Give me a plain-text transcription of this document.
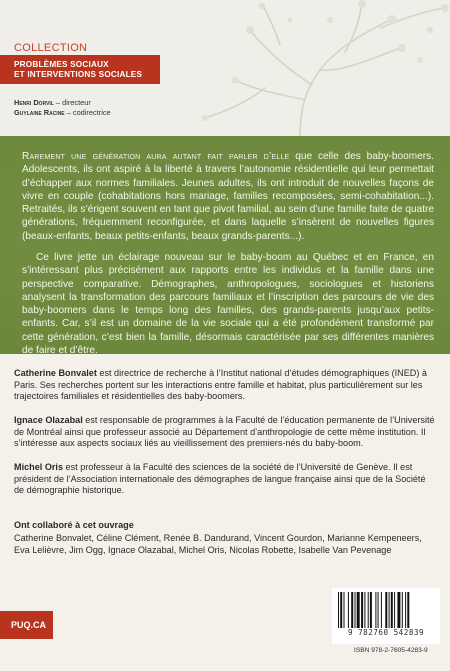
COLLECTION
PROBLÈMES SOCIAUX
ET INTERVENTIONS SOCIALES
Henri Dorvil – directeur
Guylaine Racine – codirectrice

Rarement une génération aura autant fait parler d’elle que celle des baby-boomers. Adolescents, ils ont aspiré à la liberté à travers l’autonomie résidentielle qui leur permettait d’échapper aux normes familiales. Jeunes adultes, ils ont introduit de nouvelles façons de vivre en couple (cohabitations hors mariage, familles recomposées, semi-cohabitation...). Retraités, ils s’érigent souvent en tant que pivot familial, au sein d’une famille faite de quatre générations, fréquemment reconfigurée, et dans laquelle s’insèrent de nouvelles figures (beaux-enfants, beaux petits-enfants, beaux grands-parents...).

Ce livre jette un éclairage nouveau sur le baby-boom au Québec et en France, en s’intéressant plus précisément aux rapports entre les individus et la famille dans une perspective comparative. Démographes, anthropologues, sociologues et historiens analysent la transformation des parcours familiaux et l’inscription des parcours de vie des baby-boomers dans le temps long des familles, des grands-parents jusqu’aux petits-enfants. Car, s’il est un domaine de la vie sociale qui a été profondément transformé par cette génération, c’est bien la famille, désormais caractérisée par ses différentes manières de faire et d’être.

Catherine Bonvalet est directrice de recherche à l’Institut national d’études démographiques (INED) à Paris. Ses recherches portent sur les interactions entre famille et habitat, plus particulièrement sur les trajectoires familiales et résidentielles des baby-boomers.

Ignace Olazabal est responsable de programmes à la Faculté de l’éducation permanente de l’Université de Montréal ainsi que professeur associé au Département d’anthropologie de cette même institution. Il s’intéresse aux aspects sociaux liés au vieillissement des premiers-nés du baby-boom.

Michel Oris est professeur à la Faculté des sciences de la société de l’Université de Genève. Il est président de l’Association internationale des démographes de langue française ainsi que de la Société de démographie historique.

Ont collaboré à cet ouvrage

Catherine Bonvalet, Céline Clément, Renée B. Dandurand, Vincent Gourdon, Marianne Kempeneers, Eva Lelièvre, Jim Ogg, Ignace Olazabal, Michel Oris, Nicolas Robette, Isabelle Van Pevenage

PUQ.CA
9 782760 542839
ISBN 978-2-7605-4283-9
